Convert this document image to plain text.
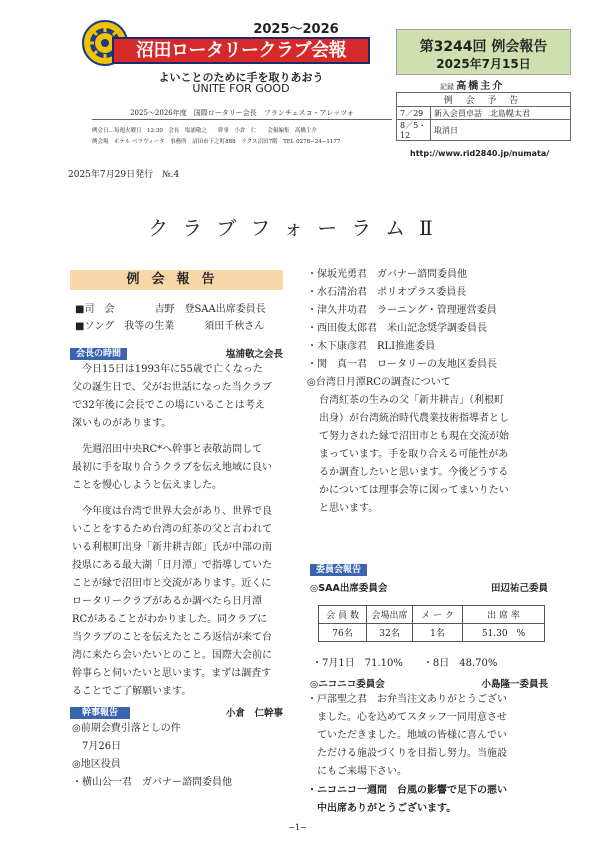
2025～2026
沼田ロータリークラブ会報
よいことのために手を取りあおう
UNITE FOR GOOD
2025～2026年度　国際ロータリー会長　フランチェスコ・アレッツォ
例会日…毎週火曜日　12:30　会長　塩浦敬之　　幹事　小倉　仁　　会報編集　高橋主介
例会場　ホテル ベラヴィータ　事務所　沼田市下之町888　ラクス沼田7階　TEL 0278−24−1177
第3244回 例会報告
2025年7月15日
記録 高橋主介
例 会 予 告	
7／29	新入会員卓話　北島幌太君
8／5・12	取消日
http://www.rid2840.jp/numata/
2025年7月29日発行　№.4
クラブフォーラムⅡ
例会報告
■司　会　　　　吉野　登SAA出席委員長
■ソング　我等の生業　　　須田千秋さん
会長の時間	塩浦敬之会長
今日15日は1993年に55歳で亡くなった
父の誕生日で、父がお世話になった当クラブ
で32年後に会長でこの場にいることは考え
深いものがあります。
先週沼田中央RC*へ幹事と表敬訪問して
最初に手を取り合うクラブを伝え地域に良い
ことを慢心しようと伝えました。
今年度は台湾で世界大会があり、世界で良
いことをするため台湾の紅茶の父と言われて
いる利根町出身「新井耕吉郎」氏が中部の南
投県にある最大湖「日月潭」で指導していた
ことが縁で沼田市と交流があります。近くに
ロータリークラブがあるか調べたら日月潭
RCがあることがわかりました。同クラブに
当クラブのことを伝えたところ返信が来て台
湾に来たら会いたいとのこと。国際大会前に
幹事らと伺いたいと思います。まずは調査す
ることでご了解願います。
幹事報告	小倉　仁幹事
◎前期会費引落としの件
　7月26日
◎地区役員
・横山公一君　ガバナー諮問委員他
・保坂光勇君　ガバナー諮問委員他
・水石清治君　ポリオプラス委員長
・津久井功君　ラーニング・管理運営委員
・西田俊太郎君　米山記念奨学調委員長
・木下康彦君　RLI推進委員
・関　真一君　ロータリーの友地区委員長
◎台湾日月潭RCの調査について
台湾紅茶の生みの父「新井耕吉」（利根町
出身）が台湾統治時代農業技術指導者とし
て努力された縁で沼田市とも現在交流が始
まっています。手を取り合える可能性があ
るか調査したいと思います。今後どうする
かについては理事会等に図ってまいりたい
と思います。
委員会報告
◎SAA出席委員会	田辺祐己委員
会 員 数	会場出席	メ ー ク	出 席 率
76名	32名	1名	51.30　%
・7月1日　71.10%　　・8日　48.70%
◎ニコニコ委員会	小島隆一委員長
・戸部聖之君　お弁当注文ありがとうござい
　ました。心を込めてスタッフ一同用意させ
　ていただきました。地域の皆様に喜んでい
　ただける施設づくりを目指し努力。当施設
　にもご来場下さい。
・ニコニコ一週間　台風の影響で足下の悪い
　中出席ありがとうございます。
−1−
